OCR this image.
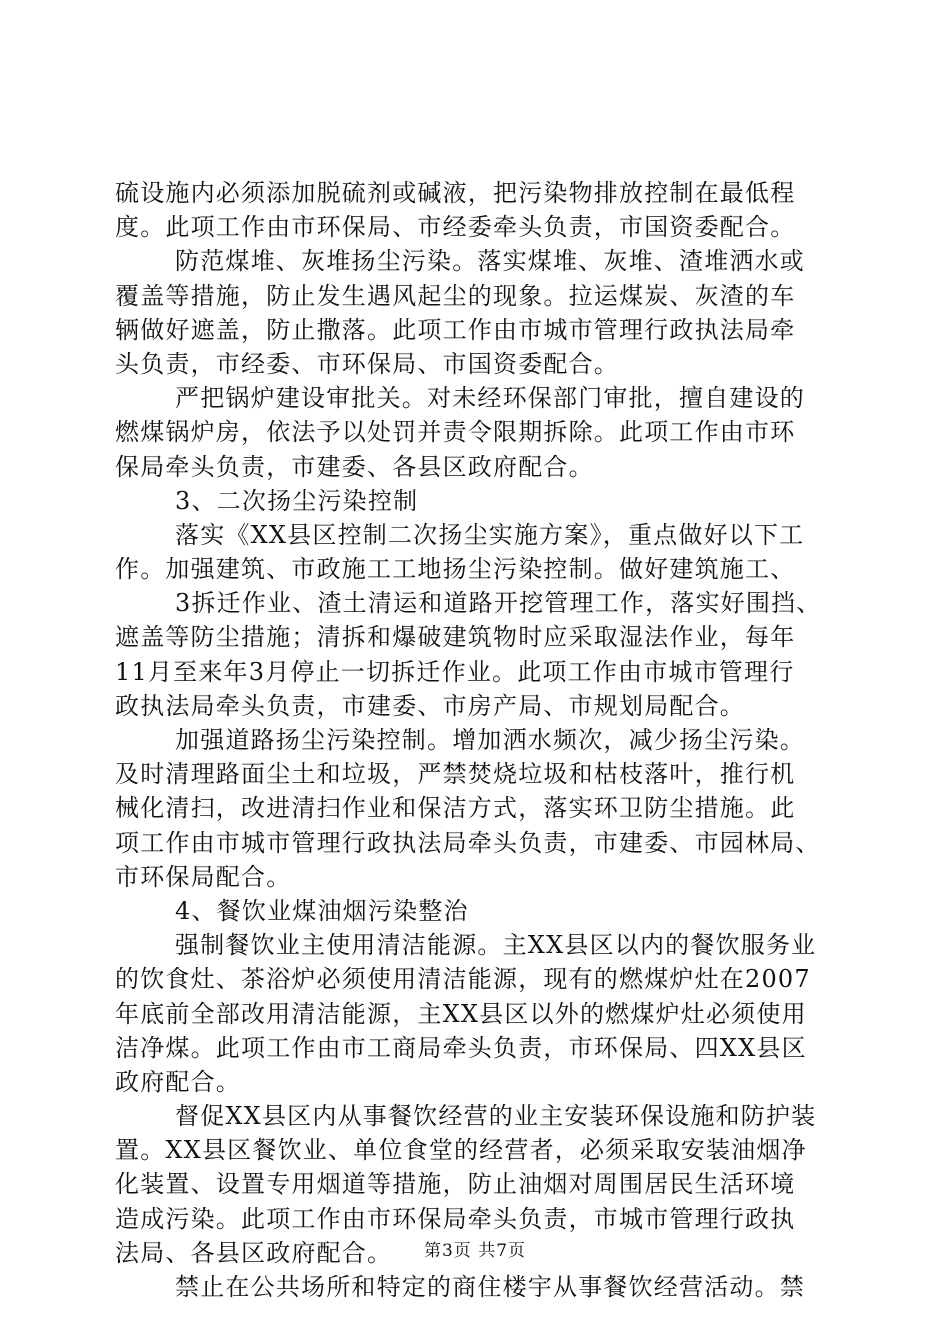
硫设施内必须添加脱硫剂或碱液，把污染物排放控制在最低程
度。此项工作由市环保局、市经委牵头负责，市国资委配合。
防范煤堆、灰堆扬尘污染。落实煤堆、灰堆、渣堆洒水或
覆盖等措施，防止发生遇风起尘的现象。拉运煤炭、灰渣的车
辆做好遮盖，防止撒落。此项工作由市城市管理行政执法局牵
头负责，市经委、市环保局、市国资委配合。
严把锅炉建设审批关。对未经环保部门审批，擅自建设的
燃煤锅炉房，依法予以处罚并责令限期拆除。此项工作由市环
保局牵头负责，市建委、各县区政府配合。
3、二次扬尘污染控制
落实《XX县区控制二次扬尘实施方案》，重点做好以下工
作。加强建筑、市政施工工地扬尘污染控制。做好建筑施工、
3拆迁作业、渣土清运和道路开挖管理工作，落实好围挡、
遮盖等防尘措施；清拆和爆破建筑物时应采取湿法作业，每年
11月至来年3月停止一切拆迁作业。此项工作由市城市管理行
政执法局牵头负责，市建委、市房产局、市规划局配合。
加强道路扬尘污染控制。增加洒水频次，减少扬尘污染。
及时清理路面尘土和垃圾，严禁焚烧垃圾和枯枝落叶，推行机
械化清扫，改进清扫作业和保洁方式，落实环卫防尘措施。此
项工作由市城市管理行政执法局牵头负责，市建委、市园林局、
市环保局配合。
4、餐饮业煤油烟污染整治
强制餐饮业主使用清洁能源。主XX县区以内的餐饮服务业
的饮食灶、茶浴炉必须使用清洁能源，现有的燃煤炉灶在2007
年底前全部改用清洁能源，主XX县区以外的燃煤炉灶必须使用
洁净煤。此项工作由市工商局牵头负责，市环保局、四XX县区
政府配合。
督促XX县区内从事餐饮经营的业主安装环保设施和防护装
置。XX县区餐饮业、单位食堂的经营者，必须采取安装油烟净
化装置、设置专用烟道等措施，防止油烟对周围居民生活环境
造成污染。此项工作由市环保局牵头负责，市城市管理行政执
法局、各县区政府配合。
禁止在公共场所和特定的商住楼宇从事餐饮经营活动。禁
第3页 共7页
